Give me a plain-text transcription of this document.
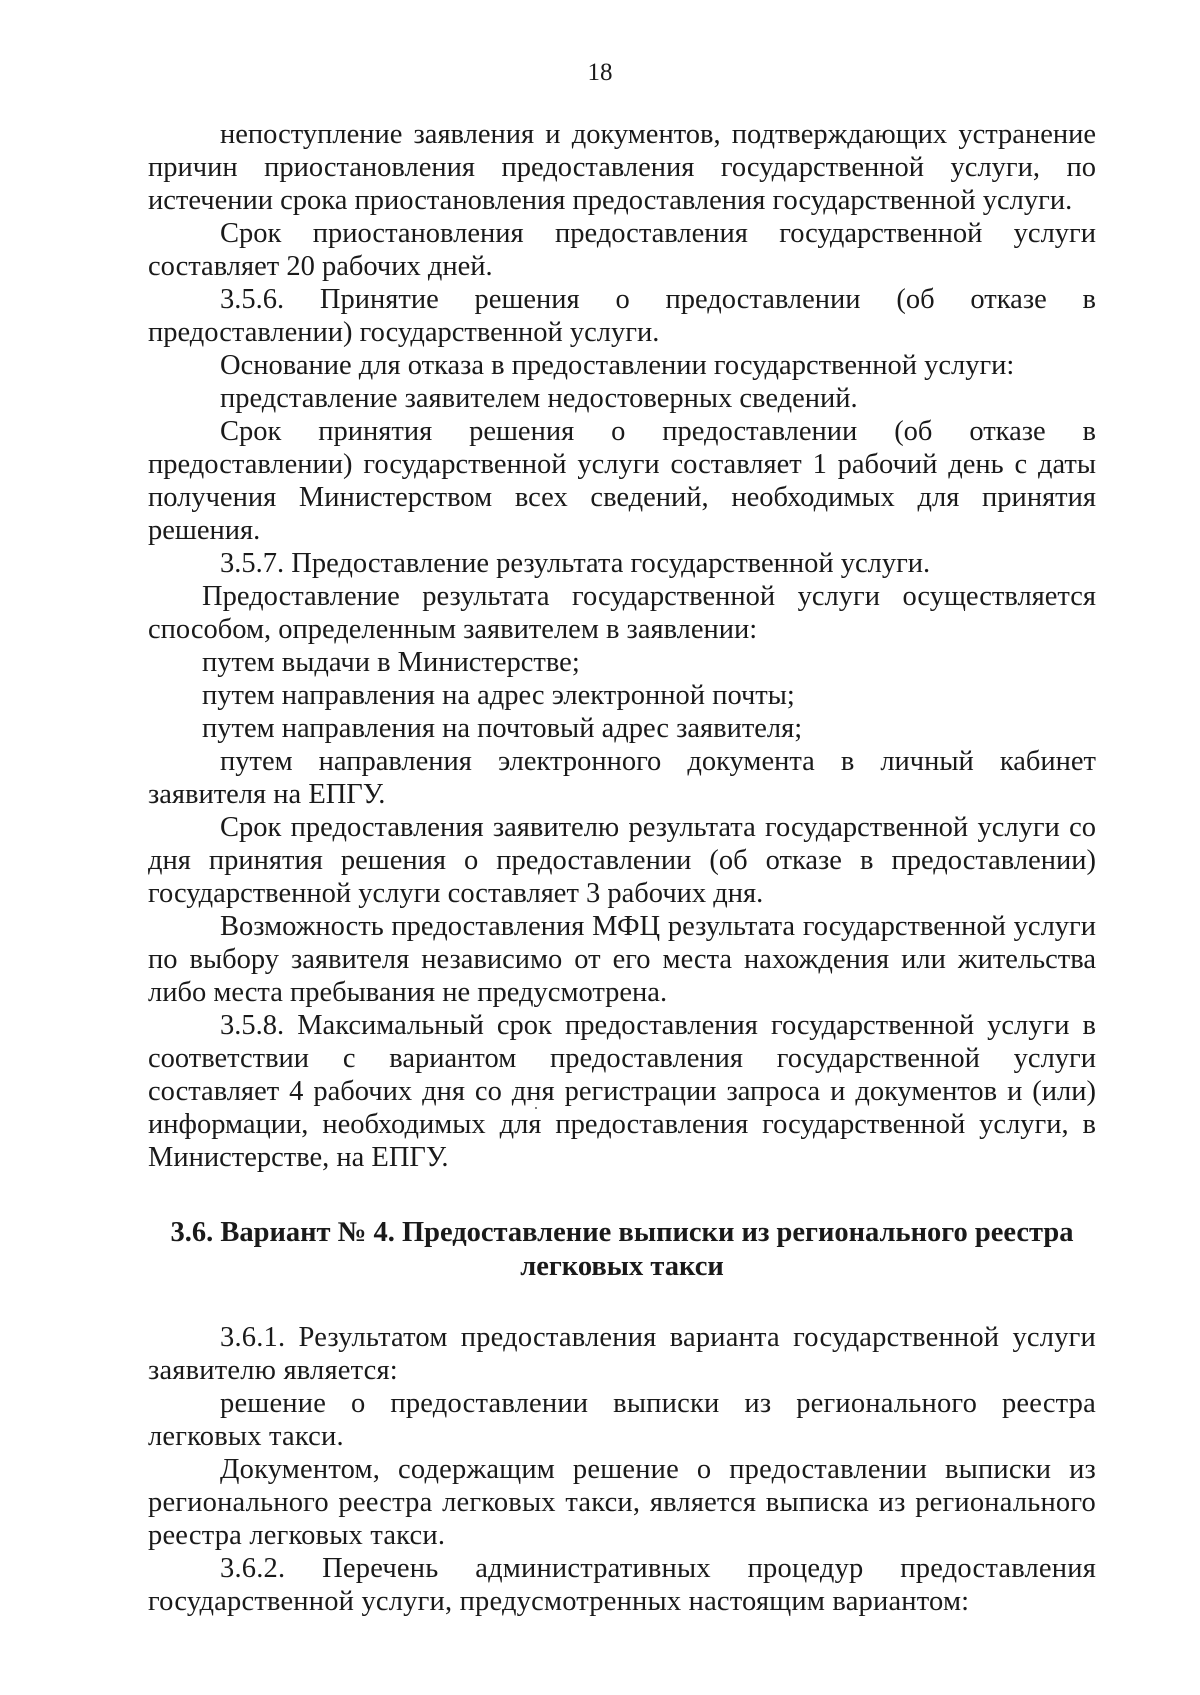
18

непоступление заявления и документов, подтверждающих устранение причин приостановления предоставления государственной услуги, по истечении срока приостановления предоставления государственной услуги.

Срок приостановления предоставления государственной услуги составляет 20 рабочих дней.

3.5.6. Принятие решения о предоставлении (об отказе в предоставлении) государственной услуги.

Основание для отказа в предоставлении государственной услуги:

представление заявителем недостоверных сведений.

Срок принятия решения о предоставлении (об отказе в предоставлении) государственной услуги составляет 1 рабочий день с даты получения Министерством всех сведений, необходимых для принятия решения.

3.5.7. Предоставление результата государственной услуги.

Предоставление результата государственной услуги осуществляется способом, определенным заявителем в заявлении:

путем выдачи в Министерстве;

путем направления на адрес электронной почты;

путем направления на почтовый адрес заявителя;

путем направления электронного документа в личный кабинет заявителя на ЕПГУ.

Срок предоставления заявителю результата государственной услуги со дня принятия решения о предоставлении (об отказе в предоставлении) государственной услуги составляет 3 рабочих дня.

Возможность предоставления МФЦ результата государственной услуги по выбору заявителя независимо от его места нахождения или жительства либо места пребывания не предусмотрена.

3.5.8. Максимальный срок предоставления государственной услуги в соответствии с вариантом предоставления государственной услуги составляет 4 рабочих дня со дня регистрации запроса и документов и (или) информации, необходимых для предоставления государственной услуги, в Министерстве, на ЕПГУ.

3.6. Вариант № 4. Предоставление выписки из регионального реестра
легковых такси

3.6.1. Результатом предоставления варианта государственной услуги заявителю является:

решение о предоставлении выписки из регионального реестра легковых такси.

Документом, содержащим решение о предоставлении выписки из регионального реестра легковых такси, является выписка из регионального реестра легковых такси.

3.6.2. Перечень административных процедур предоставления государственной услуги, предусмотренных настоящим вариантом:
